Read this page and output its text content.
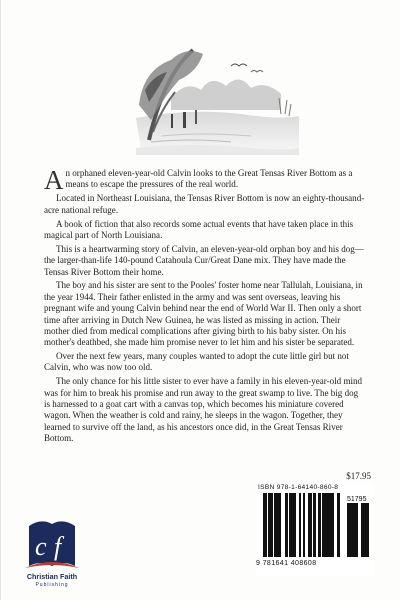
An orphaned eleven-year-old Calvin looks to the Great Tensas River Bottom as a means to escape the pressures of the real world.

Located in Northeast Louisiana, the Tensas River Bottom is now an eighty-thousand-acre national refuge.

A book of fiction that also records some actual events that have taken place in this magical part of North Louisiana.

This is a heartwarming story of Calvin, an eleven-year-old orphan boy and his dog—the larger-than-life 140-pound Catahoula Cur/Great Dane mix. They have made the Tensas River Bottom their home.

The boy and his sister are sent to the Pooles' foster home near Tallulah, Louisiana, in the year 1944. Their father enlisted in the army and was sent overseas, leaving his pregnant wife and young Calvin behind near the end of World War II. Then only a short time after arriving in Dutch New Guinea, he was listed as missing in action. Their mother died from medical complications after giving birth to his baby sister. On his mother's deathbed, she made him promise never to let him and his sister be separated.

Over the next few years, many couples wanted to adopt the cute little girl but not Calvin, who was now too old.

The only chance for his little sister to ever have a family in his eleven-year-old mind was for him to break his promise and run away to the great swamp to live. The big dog is harnessed to a goat cart with a canvas top, which becomes his miniature covered wagon. When the weather is cold and rainy, he sleeps in the wagon. Together, they learned to survive off the land, as his ancestors once did, in the Great Tensas River Bottom.

$17.95
ISBN 978-1-64140-860-8
51795
9 781641 408608
c f
Christian Faith
Publishing
